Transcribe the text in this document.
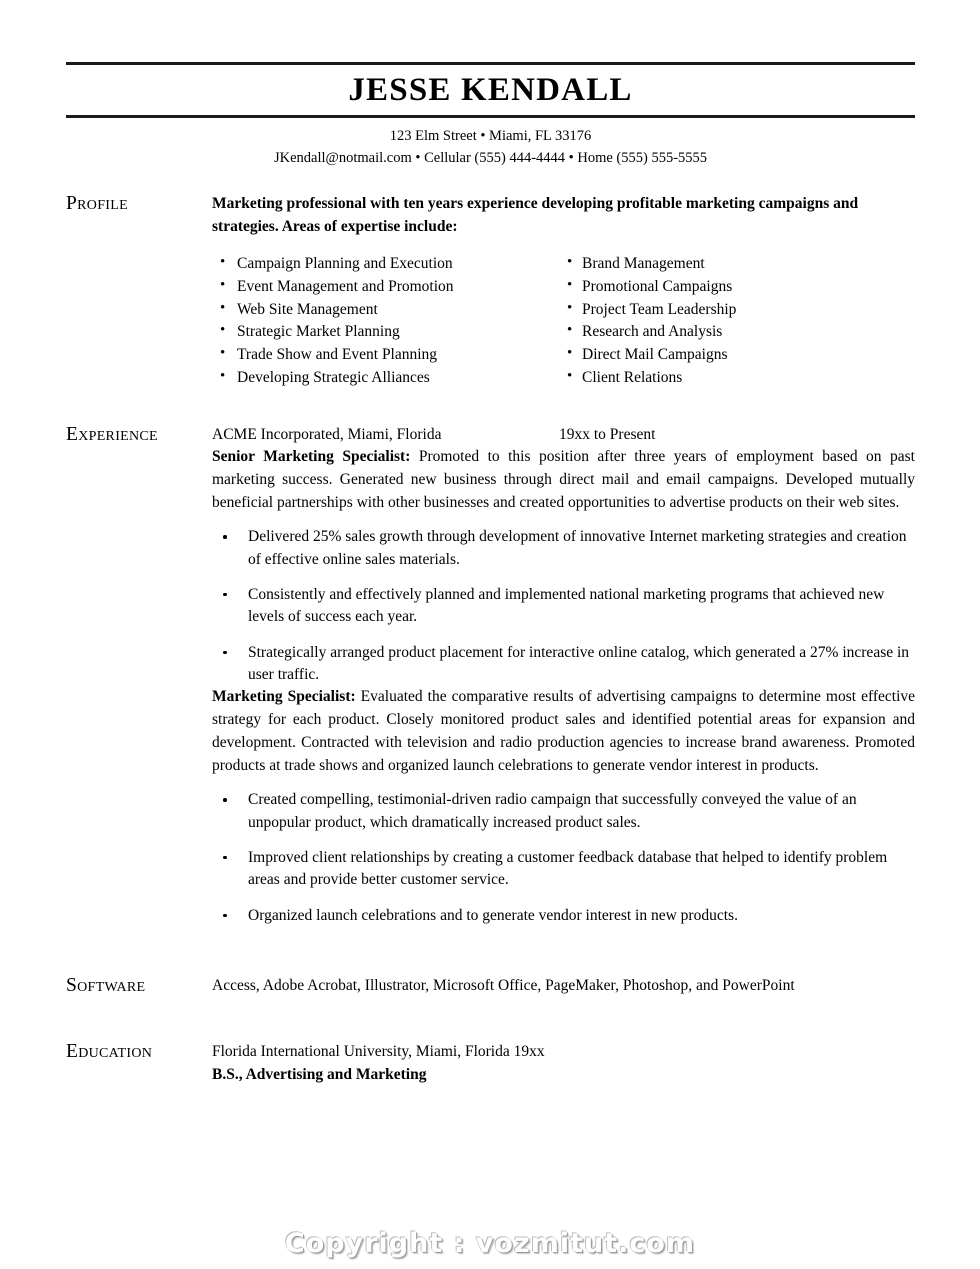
JESSE KENDALL
123 Elm Street • Miami, FL 33176
JKendall@notmail.com • Cellular (555) 444-4444 • Home (555) 555-5555
Profile	Marketing professional with ten years experience developing profitable marketing campaigns and strategies. Areas of expertise include:

• Campaign Planning and Execution
• Event Management and Promotion
• Web Site Management
• Strategic Market Planning
• Trade Show and Event Planning
• Developing Strategic Alliances
• Brand Management
• Promotional Campaigns
• Project Team Leadership
• Research and Analysis
• Direct Mail Campaigns
• Client Relations
Experience	ACME Incorporated, Miami, Florida	19xx to Present

Senior Marketing Specialist: Promoted to this position after three years of employment based on past marketing success. Generated new business through direct mail and email campaigns. Developed mutually beneficial partnerships with other businesses and created opportunities to advertise products on their web sites.

Delivered 25% sales growth through development of innovative Internet marketing strategies and creation of effective online sales materials.
Consistently and effectively planned and implemented national marketing programs that achieved new levels of success each year.
Strategically arranged product placement for interactive online catalog, which generated a 27% increase in user traffic.

Marketing Specialist: Evaluated the comparative results of advertising campaigns to determine most effective strategy for each product. Closely monitored product sales and identified potential areas for expansion and development. Contracted with television and radio production agencies to increase brand awareness. Promoted products at trade shows and organized launch celebrations to generate vendor interest in products.

Created compelling, testimonial-driven radio campaign that successfully conveyed the value of an unpopular product, which dramatically increased product sales.
Improved client relationships by creating a customer feedback database that helped to identify problem areas and provide better customer service.
Organized launch celebrations and to generate vendor interest in new products.
Software	Access, Adobe Acrobat, Illustrator, Microsoft Office, PageMaker, Photoshop, and PowerPoint

Education	Florida International University, Miami, Florida 19xx

B.S., Advertising and Marketing

Copyright : vozmitut.com
